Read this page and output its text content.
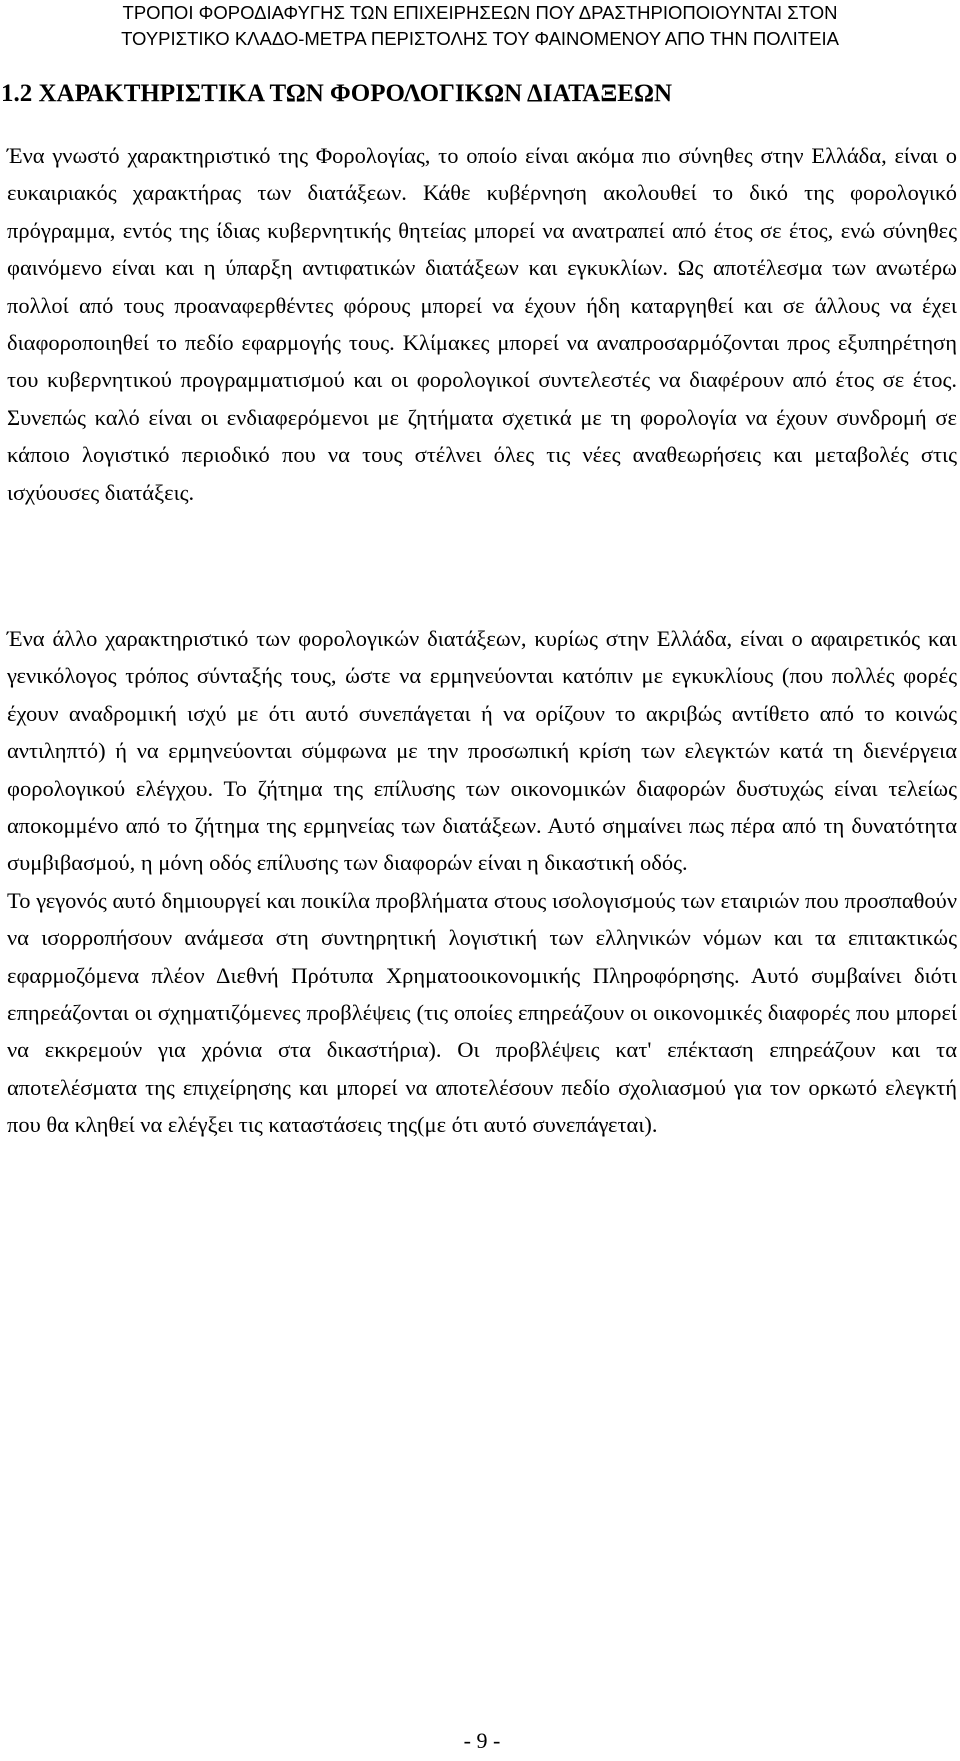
ΤΡΟΠΟΙ ΦΟΡΟΔΙΑΦΥΓΗΣ ΤΩΝ ΕΠΙΧΕΙΡΗΣΕΩΝ ΠΟΥ ΔΡΑΣΤΗΡΙΟΠΟΙΟΥΝΤΑΙ ΣΤΟΝ
ΤΟΥΡΙΣΤΙΚΟ ΚΛΑΔΟ-ΜΕΤΡΑ ΠΕΡΙΣΤΟΛΗΣ ΤΟΥ ΦΑΙΝΟΜΕΝΟΥ ΑΠΟ ΤΗΝ ΠΟΛΙΤΕΙΑ
1.2 ΧΑΡΑΚΤΗΡΙΣΤΙΚΑ ΤΩΝ ΦΟΡΟΛΟΓΙΚΩΝ ΔΙΑΤΑΞΕΩΝ

Ένα γνωστό χαρακτηριστικό της Φορολογίας, το οποίο είναι ακόμα πιο σύνηθες στην Ελλάδα, είναι ο ευκαιριακός χαρακτήρας των διατάξεων. Κάθε κυβέρνηση ακολουθεί το δικό της φορολογικό πρόγραμμα, εντός της ίδιας κυβερνητικής θητείας μπορεί να ανατραπεί από έτος σε έτος, ενώ σύνηθες φαινόμενο είναι και η ύπαρξη αντιφατικών διατάξεων και εγκυκλίων. Ως αποτέλεσμα των ανωτέρω πολλοί από τους προαναφερθέντες φόρους μπορεί να έχουν ήδη καταργηθεί και σε άλλους να έχει διαφοροποιηθεί το πεδίο εφαρμογής τους. Κλίμακες μπορεί να αναπροσαρμόζονται προς εξυπηρέτηση του κυβερνητικού προγραμματισμού και οι φορολογικοί συντελεστές να διαφέρουν από έτος σε έτος. Συνεπώς καλό είναι οι ενδιαφερόμενοι με ζητήματα σχετικά με τη φορολογία να έχουν συνδρομή σε κάποιο λογιστικό περιοδικό που να τους στέλνει όλες τις νέες αναθεωρήσεις και μεταβολές στις ισχύουσες διατάξεις.

Ένα άλλο χαρακτηριστικό των φορολογικών διατάξεων, κυρίως στην Ελλάδα, είναι ο αφαιρετικός και γενικόλογος τρόπος σύνταξής τους, ώστε να ερμηνεύονται κατόπιν με εγκυκλίους (που πολλές φορές έχουν αναδρομική ισχύ με ότι αυτό συνεπάγεται ή να ορίζουν το ακριβώς αντίθετο από το κοινώς αντιληπτό) ή να ερμηνεύονται σύμφωνα με την προσωπική κρίση των ελεγκτών κατά τη διενέργεια φορολογικού ελέγχου. Το ζήτημα της επίλυσης των οικονομικών διαφορών δυστυχώς είναι τελείως αποκομμένο από το ζήτημα της ερμηνείας των διατάξεων. Αυτό σημαίνει πως πέρα από τη δυνατότητα συμβιβασμού, η μόνη οδός επίλυσης των διαφορών είναι η δικαστική οδός.

Το γεγονός αυτό δημιουργεί και ποικίλα προβλήματα στους ισολογισμούς των εταιριών που προσπαθούν να ισορροπήσουν ανάμεσα στη συντηρητική λογιστική των ελληνικών νόμων και τα επιτακτικώς εφαρμοζόμενα πλέον Διεθνή Πρότυπα Χρηματοοικονομικής Πληροφόρησης. Αυτό συμβαίνει διότι επηρεάζονται οι σχηματιζόμενες προβλέψεις (τις οποίες επηρεάζουν οι οικονομικές διαφορές που μπορεί να εκκρεμούν για χρόνια στα δικαστήρια). Οι προβλέψεις κατ' επέκταση επηρεάζουν και τα αποτελέσματα της επιχείρησης και μπορεί να αποτελέσουν πεδίο σχολιασμού για τον ορκωτό ελεγκτή που θα κληθεί να ελέγξει τις καταστάσεις της(με ότι αυτό συνεπάγεται).

- 9 -
